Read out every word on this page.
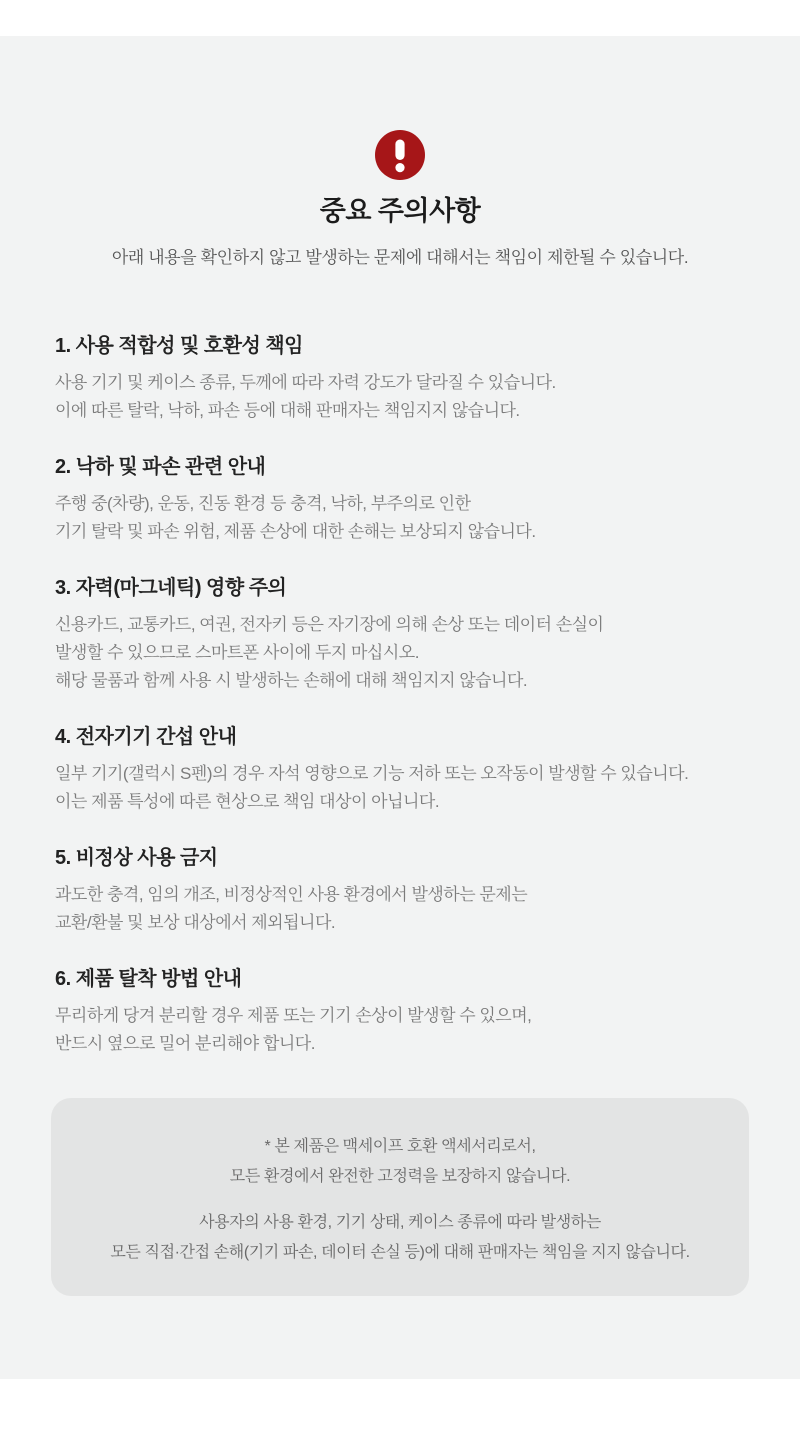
중요 주의사항
아래 내용을 확인하지 않고 발생하는 문제에 대해서는 책임이 제한될 수 있습니다.
1. 사용 적합성 및 호환성 책임

사용 기기 및 케이스 종류, 두께에 따라 자력 강도가 달라질 수 있습니다.

이에 따른 탈락, 낙하, 파손 등에 대해 판매자는 책임지지 않습니다.

2. 낙하 및 파손 관련 안내

주행 중(차량), 운동, 진동 환경 등 충격, 낙하, 부주의로 인한

기기 탈락 및 파손 위험, 제품 손상에 대한 손해는 보상되지 않습니다.

3. 자력(마그네틱) 영향 주의

신용카드, 교통카드, 여권, 전자키 등은 자기장에 의해 손상 또는 데이터 손실이

발생할 수 있으므로 스마트폰 사이에 두지 마십시오.

해당 물품과 함께 사용 시 발생하는 손해에 대해 책임지지 않습니다.

4. 전자기기 간섭 안내

일부 기기(갤럭시 S펜)의 경우 자석 영향으로 기능 저하 또는 오작동이 발생할 수 있습니다.

이는 제품 특성에 따른 현상으로 책임 대상이 아닙니다.

5. 비정상 사용 금지

과도한 충격, 임의 개조, 비정상적인 사용 환경에서 발생하는 문제는

교환/환불 및 보상 대상에서 제외됩니다.

6. 제품 탈착 방법 안내

무리하게 당겨 분리할 경우 제품 또는 기기 손상이 발생할 수 있으며,

반드시 옆으로 밀어 분리해야 합니다.

* 본 제품은 맥세이프 호환 액세서리로서,

모든 환경에서 완전한 고정력을 보장하지 않습니다.

사용자의 사용 환경, 기기 상태, 케이스 종류에 따라 발생하는

모든 직접·간접 손해(기기 파손, 데이터 손실 등)에 대해 판매자는 책임을 지지 않습니다.
